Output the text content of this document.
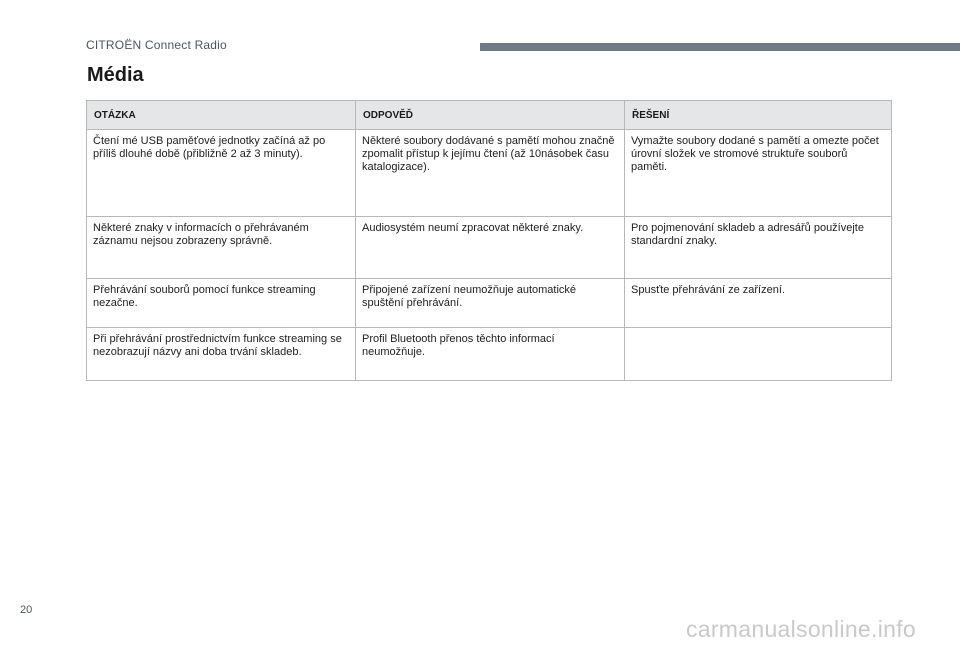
CITROËN Connect Radio
Média
OTÁZKA	ODPOVĚĎ	ŘEŠENÍ
Čtení mé USB paměťové jednotky začíná až po příliš dlouhé době (přibližně 2 až 3 minuty).	Některé soubory dodávané s pamětí mohou značně zpomalit přístup k jejímu čtení (až 10násobek času katalogizace).	Vymažte soubory dodané s pamětí a omezte počet úrovní složek ve stromové struktuře souborů paměti.
Některé znaky v informacích o přehrávaném záznamu nejsou zobrazeny správně.	Audiosystém neumí zpracovat některé znaky.	Pro pojmenování skladeb a adresářů používejte standardní znaky.
Přehrávání souborů pomocí funkce streaming nezačne.	Připojené zařízení neumožňuje automatické spuštění přehrávání.	Spusťte přehrávání ze zařízení.
Při přehrávání prostřednictvím funkce streaming se nezobrazují názvy ani doba trvání skladeb.	Profil Bluetooth přenos těchto informací neumožňuje.	
20
carmanualsonline.info
